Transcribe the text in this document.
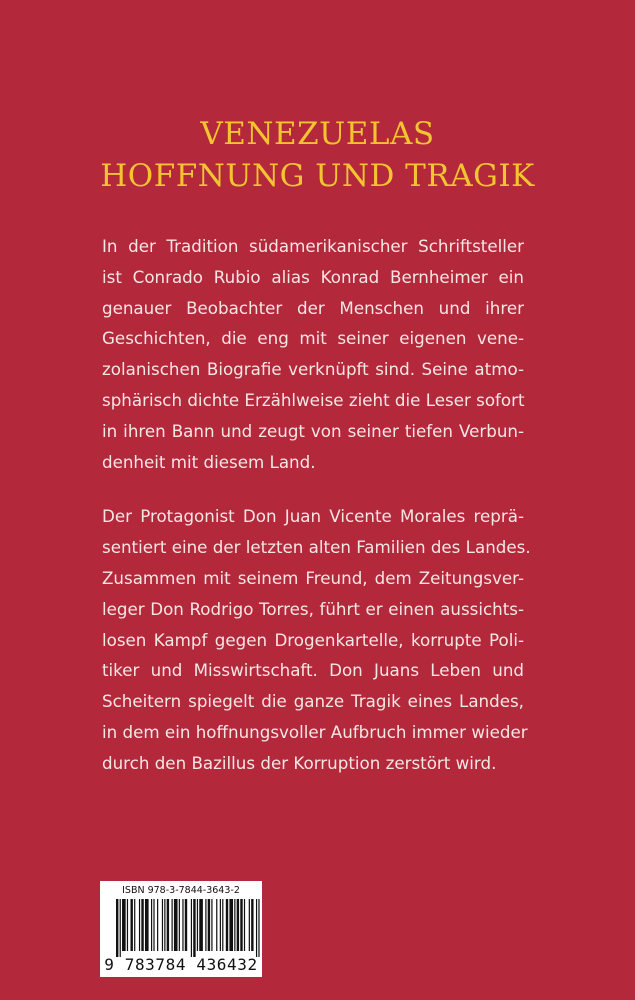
VENEZUELAS
HOFFNUNG UND TRAGIK
In der Tradition südamerikanischer Schriftsteller
ist Conrado Rubio alias Konrad Bernheimer ein
genauer Beobachter der Menschen und ihrer
Geschichten, die eng mit seiner eigenen vene-
zolanischen Biografie verknüpft sind. Seine atmo-
sphärisch dichte Erzählweise zieht die Leser sofort
in ihren Bann und zeugt von seiner tiefen Verbun-
denheit mit diesem Land.
Der Protagonist Don Juan Vicente Morales reprä-
sentiert eine der letzten alten Familien des Landes.
Zusammen mit seinem Freund, dem Zeitungsver-
leger Don Rodrigo Torres, führt er einen aussichts-
losen Kampf gegen Drogenkartelle, korrupte Poli-
tiker und Misswirtschaft. Don Juans Leben und
Scheitern spiegelt die ganze Tragik eines Landes,
in dem ein hoffnungsvoller Aufbruch immer wieder
durch den Bazillus der Korruption zerstört wird.
ISBN 978-3-7844-3643-2
9 783784 436432
